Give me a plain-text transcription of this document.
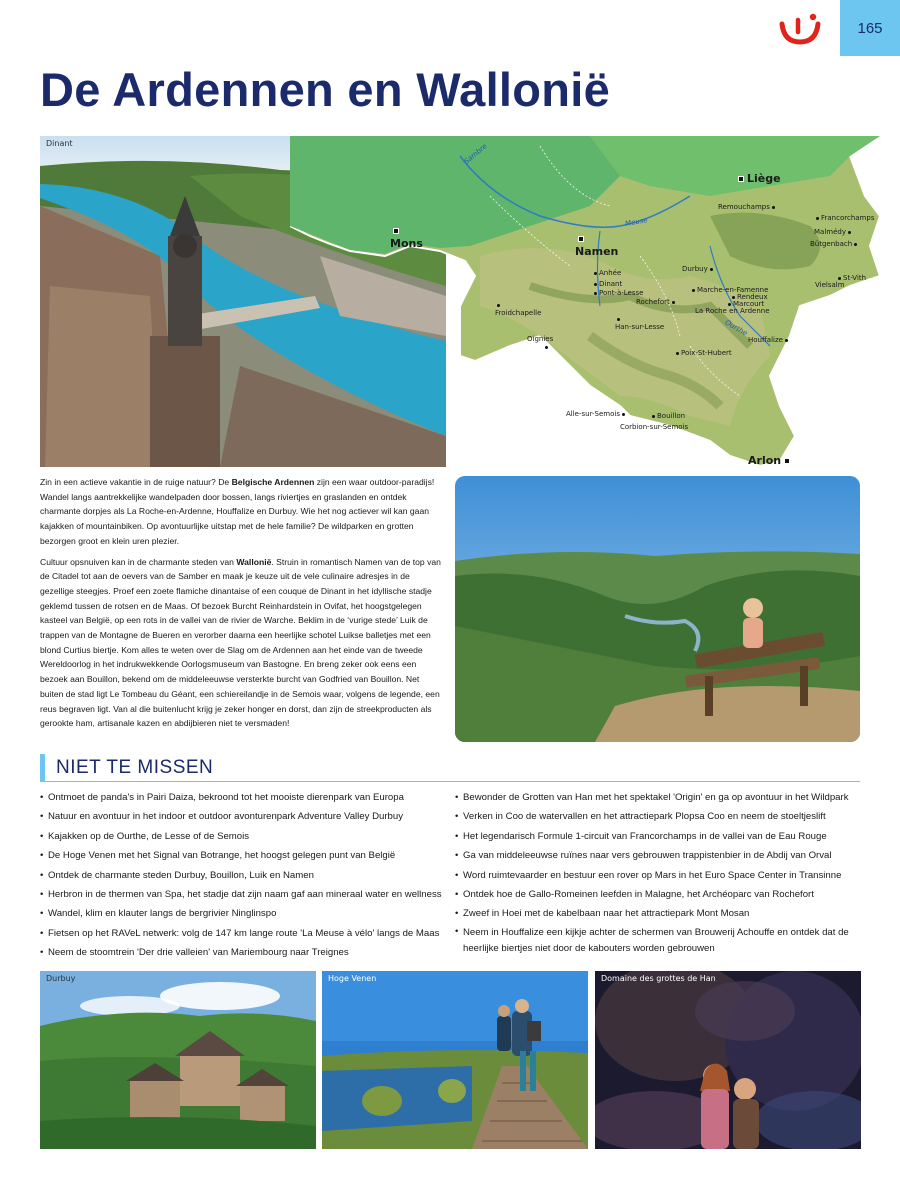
165
De Ardennen en Wallonië
Dinant
Liège

Mons

Namen
Arlon
Sambre
Meuse
Ourthe
Remouchamps
Francorchamps
Malmédy
Bütgenbach
Durbuy
St-Vith
Vielsalm
Anhée
Dinant
Pont-à-Lesse	Marche-en-Famenne
Rendeux
Marcourt
La Roche en Ardenne
Rochefort

Froidchapelle

Han-sur-Lesse
Houffalize
Oignies

Poix-St-Hubert
Alle-sur-Semois	Bouillon
Corbion-sur-Semois

Zin in een actieve vakantie in de ruige natuur? De Belgische Ardennen zijn een waar outdoor-paradijs! Wandel langs aantrekkelijke wandelpaden door bossen, langs riviertjes en graslanden en ontdek charmante dorpjes als La Roche-en-Ardenne, Houffalize en Durbuy. Wie het nog actiever wil kan gaan kajakken of mountainbiken. Op avontuurlijke uitstap met de hele familie? De wildparken en grotten bezorgen groot en klein uren plezier.

Cultuur opsnuiven kan in de charmante steden van Wallonië. Struin in romantisch Namen van de top van de Citadel tot aan de oevers van de Samber en maak je keuze uit de vele culinaire adresjes in de gezellige steegjes. Proef een zoete flamiche dinantaise of een couque de Dinant in het idyllische stadje geklemd tussen de rotsen en de Maas. Of bezoek Burcht Reinhardstein in Ovifat, het hoogstgelegen kasteel van België, op een rots in de vallei van de rivier de Warche. Beklim in de ‘vurige stede’ Luik de trappen van de Montagne de Bueren en verorber daarna een heerlijke schotel Luikse balletjes met een blond Curtius biertje. Kom alles te weten over de Slag om de Ardennen aan het einde van de tweede Wereldoorlog in het indrukwekkende Oorlogsmuseum van Bastogne. En breng zeker ook eens een bezoek aan Bouillon, bekend om de middeleeuwse versterkte burcht van Godfried van Bouillon. Net buiten de stad ligt Le Tombeau du Géant, een schiereilandje in de Semois waar, volgens de legende, een reus begraven ligt. Van al die buitenlucht krijg je zeker honger en dorst, dan zijn de streekproducten als gerookte ham, artisanale kazen en abdijbieren niet te versmaden!

NIET TE MISSEN
• Ontmoet de panda's in Pairi Daiza, bekroond tot het mooiste dierenpark van Europa
• Natuur en avontuur in het indoor et outdoor avonturenpark Adventure Valley Durbuy
• Kajakken op de Ourthe, de Lesse of de Semois
• De Hoge Venen met het Signal van Botrange, het hoogst gelegen punt van België
• Ontdek de charmante steden Durbuy, Bouillon, Luik en Namen
• Herbron in de thermen van Spa, het stadje dat zijn naam gaf aan mineraal water en wellness
• Wandel, klim en klauter langs de bergrivier Ninglinspo
• Fietsen op het RAVeL netwerk: volg de 147 km lange route 'La Meuse à vélo' langs de Maas
• Neem de stoomtrein 'Der drie valleien' van Mariembourg naar Treignes
• Bewonder de Grotten van Han met het spektakel 'Origin' en ga op avontuur in het Wildpark
• Verken in Coo de watervallen en het attractiepark Plopsa Coo en neem de stoeltjeslift
• Het legendarisch Formule 1-circuit van Francorchamps in de vallei van de Eau Rouge
• Ga van middeleeuwse ruïnes naar vers gebrouwen trappistenbier in de Abdij van Orval
• Word ruimtevaarder en bestuur een rover op Mars in het Euro Space Center in Transinne
• Ontdek hoe de Gallo-Romeinen leefden in Malagne, het Archéoparc van Rochefort
• Zweef in Hoei met de kabelbaan naar het attractiepark Mont Mosan
• Neem in Houffalize een kijkje achter de schermen van Brouwerij Achouffe en ontdek dat de heerlijke biertjes niet door de kabouters worden gebrouwen
Durbuy	Hoge Venen	Domaine des grottes de Han
